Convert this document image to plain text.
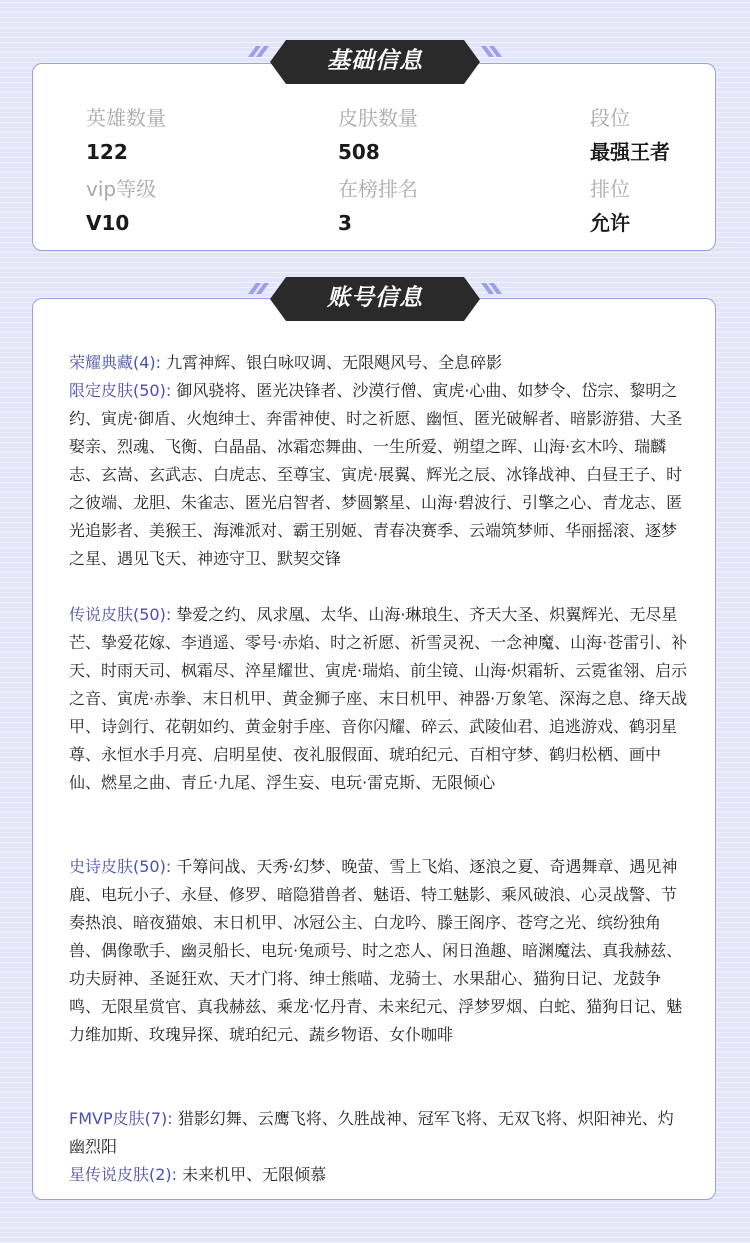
英雄数量
122
皮肤数量
508
段位
最强王者
vip等级
V10
在榜排名
3
排位
允许

荣耀典藏(4): 九霄神辉、银白咏叹调、无限飓风号、全息碎影

限定皮肤(50): 御风骁将、匿光决锋者、沙漠行僧、寅虎·心曲、如梦令、岱宗、黎明之约、寅虎·御盾、火炮绅士、奔雷神使、时之祈愿、幽恒、匿光破解者、暗影游猎、大圣娶亲、烈魂、飞衡、白晶晶、冰霜恋舞曲、一生所爱、朔望之晖、山海·玄木吟、瑞麟志、玄嵩、玄武志、白虎志、至尊宝、寅虎·展翼、辉光之辰、冰锋战神、白昼王子、时之彼端、龙胆、朱雀志、匿光启智者、梦圆繁星、山海·碧波行、引擎之心、青龙志、匿光追影者、美猴王、海滩派对、霸王别姬、青春决赛季、云端筑梦师、华丽摇滚、逐梦之星、遇见飞天、神迹守卫、默契交锋

传说皮肤(50): 挚爱之约、凤求凰、太华、山海·琳琅生、齐天大圣、炽翼辉光、无尽星芒、挚爱花嫁、李逍遥、零号·赤焰、时之祈愿、祈雪灵祝、一念神魔、山海·苍雷引、补天、时雨天司、枫霜尽、淬星耀世、寅虎·瑞焰、前尘镜、山海·炽霜斩、云霓雀翎、启示之音、寅虎·赤拳、末日机甲、黄金狮子座、末日机甲、神器·万象笔、深海之息、绛天战甲、诗剑行、花朝如约、黄金射手座、音你闪耀、碎云、武陵仙君、追逃游戏、鹤羽星尊、永恒水手月亮、启明星使、夜礼服假面、琥珀纪元、百相守梦、鹤归松栖、画中仙、燃星之曲、青丘·九尾、浮生妄、电玩·雷克斯、无限倾心

史诗皮肤(50): 千筹问战、天秀·幻梦、晚萤、雪上飞焰、逐浪之夏、奇遇舞章、遇见神鹿、电玩小子、永昼、修罗、暗隐猎兽者、魅语、特工魅影、乘风破浪、心灵战警、节奏热浪、暗夜猫娘、末日机甲、冰冠公主、白龙吟、滕王阁序、苍穹之光、缤纷独角兽、偶像歌手、幽灵船长、电玩·兔顽号、时之恋人、闲日渔趣、暗渊魔法、真我赫兹、功夫厨神、圣诞狂欢、天才门将、绅士熊喵、龙骑士、水果甜心、猫狗日记、龙鼓争鸣、无限星赏官、真我赫兹、乘龙·忆丹青、未来纪元、浮梦罗烟、白蛇、猫狗日记、魅力维加斯、玫瑰异探、琥珀纪元、蔬乡物语、女仆咖啡

FMVP皮肤(7): 猎影幻舞、云鹰飞将、久胜战神、冠军飞将、无双飞将、炽阳神光、灼幽烈阳

星传说皮肤(2): 未来机甲、无限倾慕

基础信息
账号信息
